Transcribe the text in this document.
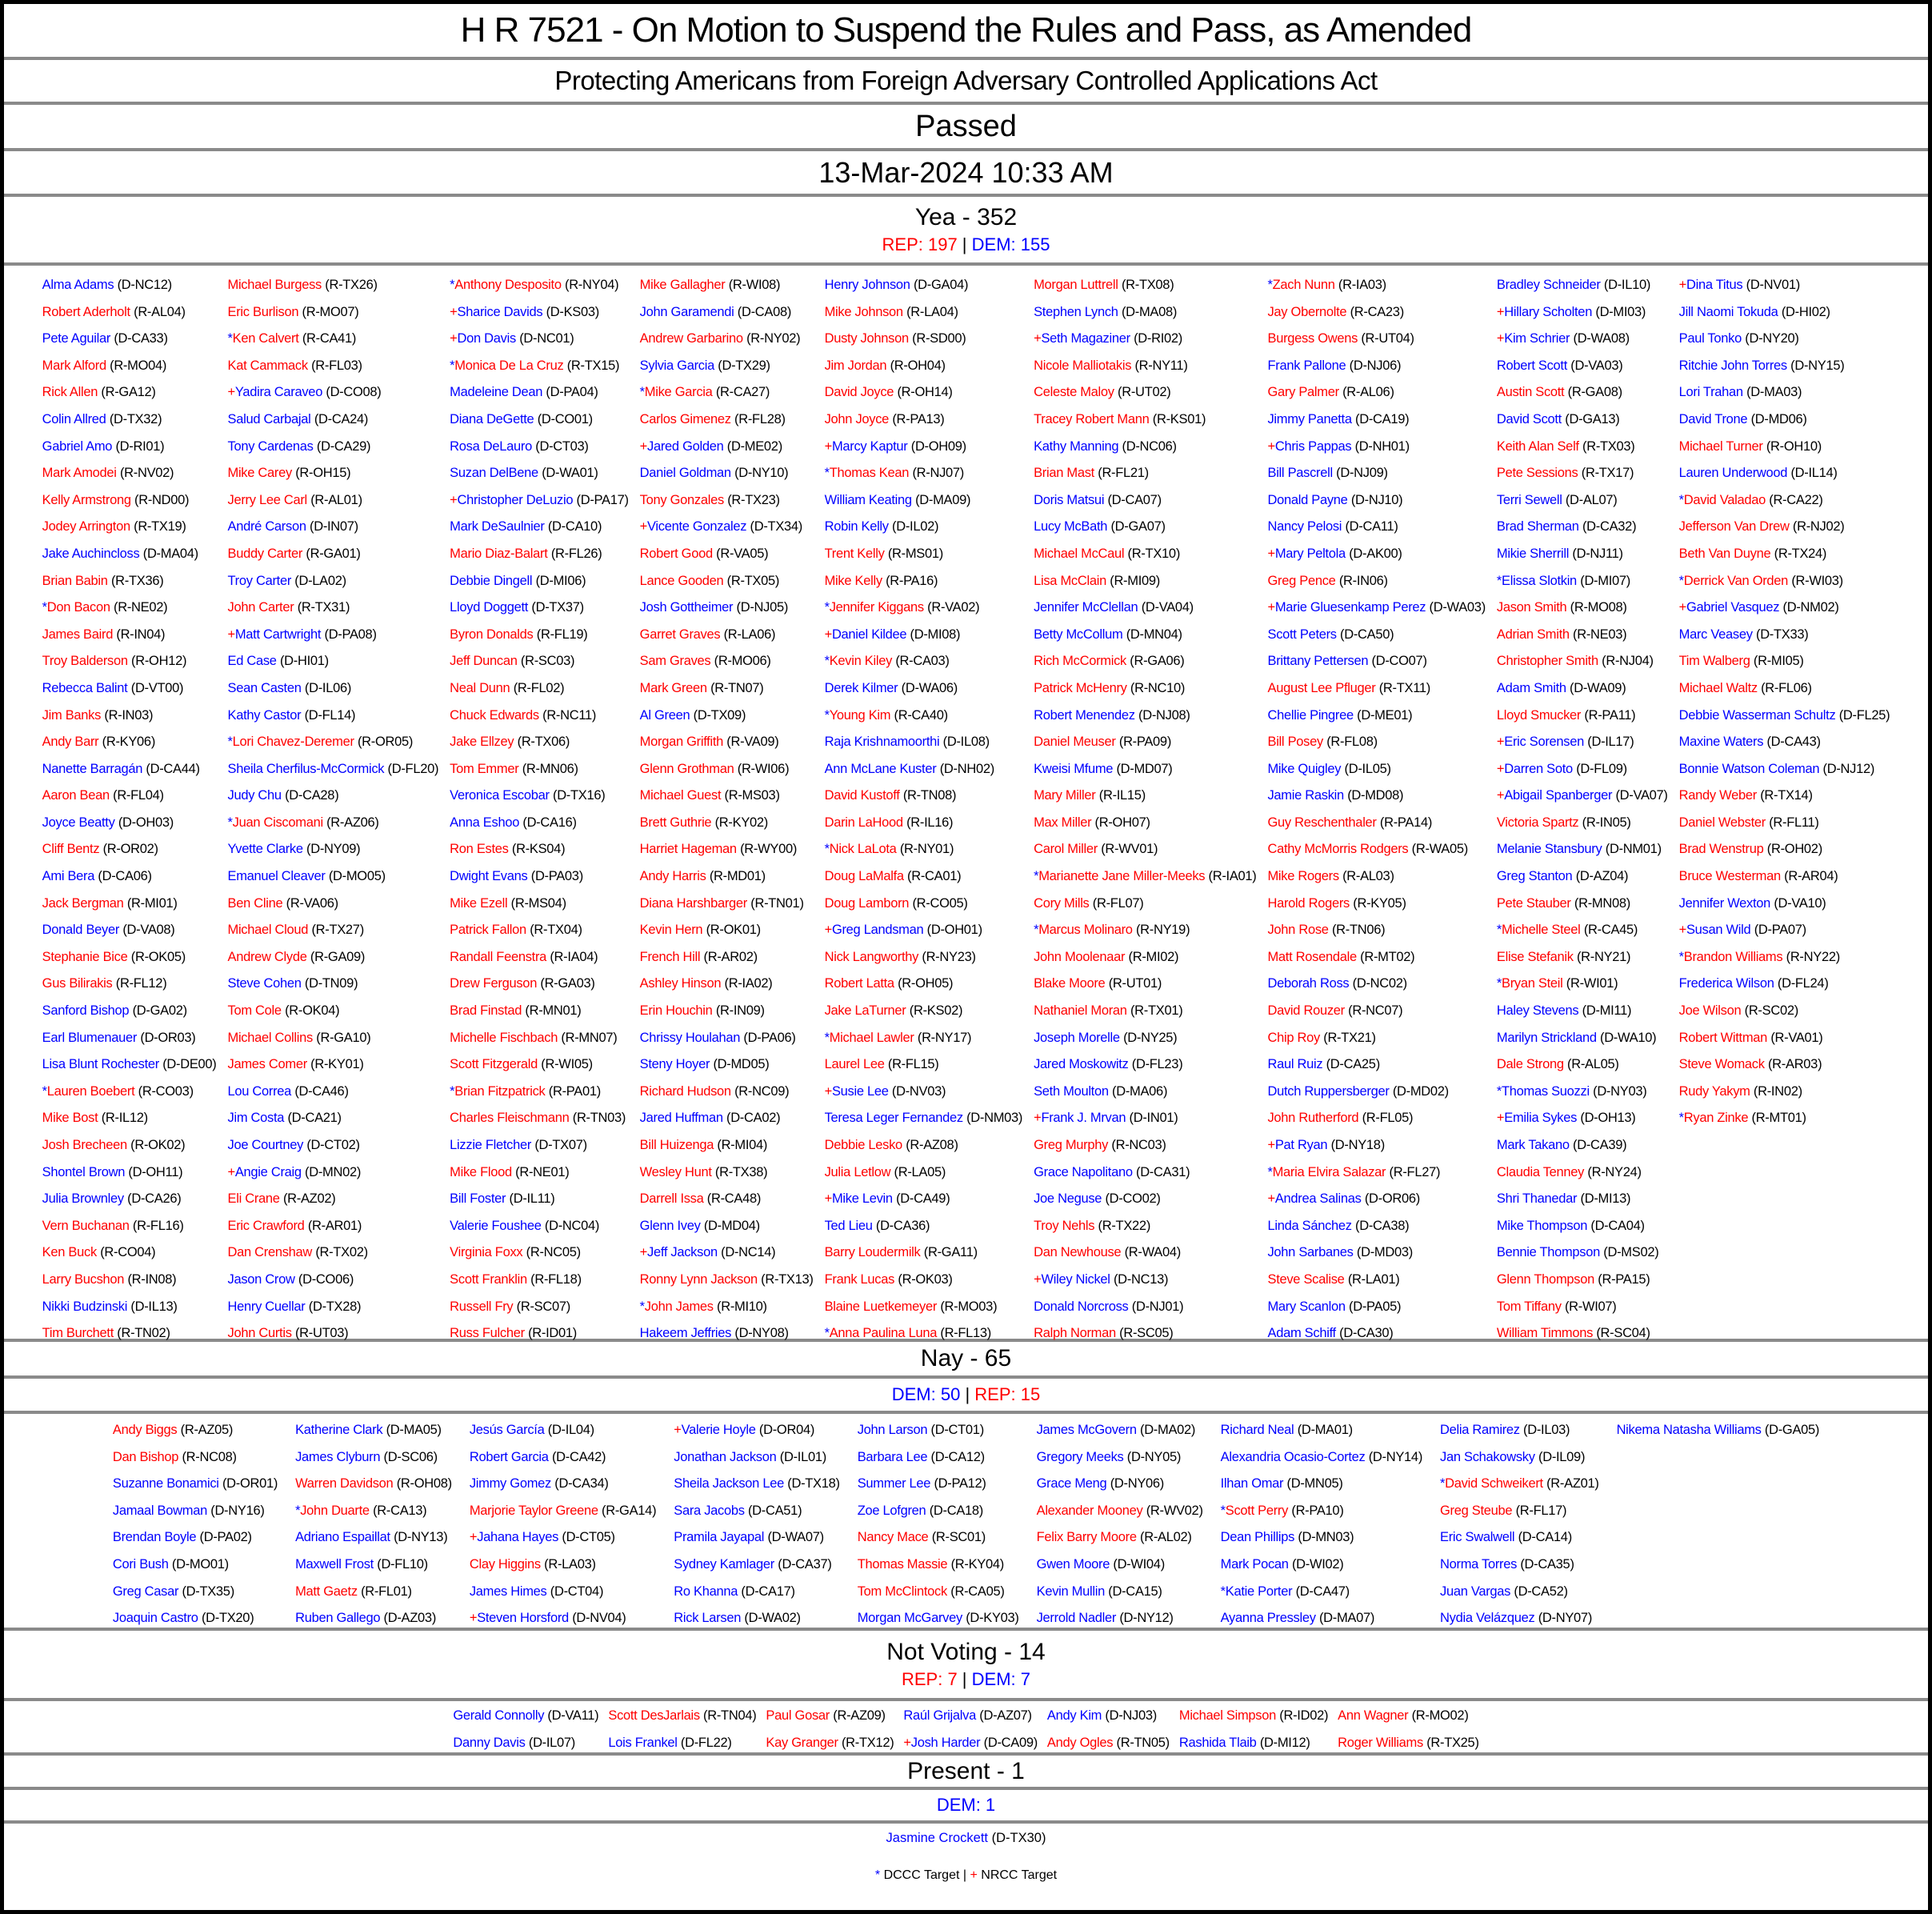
H R 7521 - On Motion to Suspend the Rules and Pass, as Amended
Protecting Americans from Foreign Adversary Controlled Applications Act
Passed
13-Mar-2024 10:33 AM
Yea - 352
REP: 197 | DEM: 155
Alma Adams (D-NC12)
Robert Aderholt (R-AL04)
Pete Aguilar (D-CA33)
Mark Alford (R-MO04)
Rick Allen (R-GA12)
Colin Allred (D-TX32)
Gabriel Amo (D-RI01)
Mark Amodei (R-NV02)
Kelly Armstrong (R-ND00)
Jodey Arrington (R-TX19)
Jake Auchincloss (D-MA04)
Brian Babin (R-TX36)
*Don Bacon (R-NE02)
James Baird (R-IN04)
Troy Balderson (R-OH12)
Rebecca Balint (D-VT00)
Jim Banks (R-IN03)
Andy Barr (R-KY06)
Nanette Barragán (D-CA44)
Aaron Bean (R-FL04)
Joyce Beatty (D-OH03)
Cliff Bentz (R-OR02)
Ami Bera (D-CA06)
Jack Bergman (R-MI01)
Donald Beyer (D-VA08)
Stephanie Bice (R-OK05)
Gus Bilirakis (R-FL12)
Sanford Bishop (D-GA02)
Earl Blumenauer (D-OR03)
Lisa Blunt Rochester (D-DE00)
*Lauren Boebert (R-CO03)
Mike Bost (R-IL12)
Josh Brecheen (R-OK02)
Shontel Brown (D-OH11)
Julia Brownley (D-CA26)
Vern Buchanan (R-FL16)
Ken Buck (R-CO04)
Larry Bucshon (R-IN08)
Nikki Budzinski (D-IL13)
Tim Burchett (R-TN02)
Michael Burgess (R-TX26)
Eric Burlison (R-MO07)
*Ken Calvert (R-CA41)
Kat Cammack (R-FL03)
+Yadira Caraveo (D-CO08)
Salud Carbajal (D-CA24)
Tony Cardenas (D-CA29)
Mike Carey (R-OH15)
Jerry Lee Carl (R-AL01)
André Carson (D-IN07)
Buddy Carter (R-GA01)
Troy Carter (D-LA02)
John Carter (R-TX31)
+Matt Cartwright (D-PA08)
Ed Case (D-HI01)
Sean Casten (D-IL06)
Kathy Castor (D-FL14)
*Lori Chavez-Deremer (R-OR05)
Sheila Cherfilus-McCormick (D-FL20)
Judy Chu (D-CA28)
*Juan Ciscomani (R-AZ06)
Yvette Clarke (D-NY09)
Emanuel Cleaver (D-MO05)
Ben Cline (R-VA06)
Michael Cloud (R-TX27)
Andrew Clyde (R-GA09)
Steve Cohen (D-TN09)
Tom Cole (R-OK04)
Michael Collins (R-GA10)
James Comer (R-KY01)
Lou Correa (D-CA46)
Jim Costa (D-CA21)
Joe Courtney (D-CT02)
+Angie Craig (D-MN02)
Eli Crane (R-AZ02)
Eric Crawford (R-AR01)
Dan Crenshaw (R-TX02)
Jason Crow (D-CO06)
Henry Cuellar (D-TX28)
John Curtis (R-UT03)
*Anthony Desposito (R-NY04)
+Sharice Davids (D-KS03)
+Don Davis (D-NC01)
*Monica De La Cruz (R-TX15)
Madeleine Dean (D-PA04)
Diana DeGette (D-CO01)
Rosa DeLauro (D-CT03)
Suzan DelBene (D-WA01)
+Christopher DeLuzio (D-PA17)
Mark DeSaulnier (D-CA10)
Mario Diaz-Balart (R-FL26)
Debbie Dingell (D-MI06)
Lloyd Doggett (D-TX37)
Byron Donalds (R-FL19)
Jeff Duncan (R-SC03)
Neal Dunn (R-FL02)
Chuck Edwards (R-NC11)
Jake Ellzey (R-TX06)
Tom Emmer (R-MN06)
Veronica Escobar (D-TX16)
Anna Eshoo (D-CA16)
Ron Estes (R-KS04)
Dwight Evans (D-PA03)
Mike Ezell (R-MS04)
Patrick Fallon (R-TX04)
Randall Feenstra (R-IA04)
Drew Ferguson (R-GA03)
Brad Finstad (R-MN01)
Michelle Fischbach (R-MN07)
Scott Fitzgerald (R-WI05)
*Brian Fitzpatrick (R-PA01)
Charles Fleischmann (R-TN03)
Lizzie Fletcher (D-TX07)
Mike Flood (R-NE01)
Bill Foster (D-IL11)
Valerie Foushee (D-NC04)
Virginia Foxx (R-NC05)
Scott Franklin (R-FL18)
Russell Fry (R-SC07)
Russ Fulcher (R-ID01)
Mike Gallagher (R-WI08)
John Garamendi (D-CA08)
Andrew Garbarino (R-NY02)
Sylvia Garcia (D-TX29)
*Mike Garcia (R-CA27)
Carlos Gimenez (R-FL28)
+Jared Golden (D-ME02)
Daniel Goldman (D-NY10)
Tony Gonzales (R-TX23)
+Vicente Gonzalez (D-TX34)
Robert Good (R-VA05)
Lance Gooden (R-TX05)
Josh Gottheimer (D-NJ05)
Garret Graves (R-LA06)
Sam Graves (R-MO06)
Mark Green (R-TN07)
Al Green (D-TX09)
Morgan Griffith (R-VA09)
Glenn Grothman (R-WI06)
Michael Guest (R-MS03)
Brett Guthrie (R-KY02)
Harriet Hageman (R-WY00)
Andy Harris (R-MD01)
Diana Harshbarger (R-TN01)
Kevin Hern (R-OK01)
French Hill (R-AR02)
Ashley Hinson (R-IA02)
Erin Houchin (R-IN09)
Chrissy Houlahan (D-PA06)
Steny Hoyer (D-MD05)
Richard Hudson (R-NC09)
Jared Huffman (D-CA02)
Bill Huizenga (R-MI04)
Wesley Hunt (R-TX38)
Darrell Issa (R-CA48)
Glenn Ivey (D-MD04)
+Jeff Jackson (D-NC14)
Ronny Lynn Jackson (R-TX13)
*John James (R-MI10)
Hakeem Jeffries (D-NY08)
Henry Johnson (D-GA04)
Mike Johnson (R-LA04)
Dusty Johnson (R-SD00)
Jim Jordan (R-OH04)
David Joyce (R-OH14)
John Joyce (R-PA13)
+Marcy Kaptur (D-OH09)
*Thomas Kean (R-NJ07)
William Keating (D-MA09)
Robin Kelly (D-IL02)
Trent Kelly (R-MS01)
Mike Kelly (R-PA16)
*Jennifer Kiggans (R-VA02)
+Daniel Kildee (D-MI08)
*Kevin Kiley (R-CA03)
Derek Kilmer (D-WA06)
*Young Kim (R-CA40)
Raja Krishnamoorthi (D-IL08)
Ann McLane Kuster (D-NH02)
David Kustoff (R-TN08)
Darin LaHood (R-IL16)
*Nick LaLota (R-NY01)
Doug LaMalfa (R-CA01)
Doug Lamborn (R-CO05)
+Greg Landsman (D-OH01)
Nick Langworthy (R-NY23)
Robert Latta (R-OH05)
Jake LaTurner (R-KS02)
*Michael Lawler (R-NY17)
Laurel Lee (R-FL15)
+Susie Lee (D-NV03)
Teresa Leger Fernandez (D-NM03)
Debbie Lesko (R-AZ08)
Julia Letlow (R-LA05)
+Mike Levin (D-CA49)
Ted Lieu (D-CA36)
Barry Loudermilk (R-GA11)
Frank Lucas (R-OK03)
Blaine Luetkemeyer (R-MO03)
*Anna Paulina Luna (R-FL13)
Morgan Luttrell (R-TX08)
Stephen Lynch (D-MA08)
+Seth Magaziner (D-RI02)
Nicole Malliotakis (R-NY11)
Celeste Maloy (R-UT02)
Tracey Robert Mann (R-KS01)
Kathy Manning (D-NC06)
Brian Mast (R-FL21)
Doris Matsui (D-CA07)
Lucy McBath (D-GA07)
Michael McCaul (R-TX10)
Lisa McClain (R-MI09)
Jennifer McClellan (D-VA04)
Betty McCollum (D-MN04)
Rich McCormick (R-GA06)
Patrick McHenry (R-NC10)
Robert Menendez (D-NJ08)
Daniel Meuser (R-PA09)
Kweisi Mfume (D-MD07)
Mary Miller (R-IL15)
Max Miller (R-OH07)
Carol Miller (R-WV01)
*Marianette Jane Miller-Meeks (R-IA01)
Cory Mills (R-FL07)
*Marcus Molinaro (R-NY19)
John Moolenaar (R-MI02)
Blake Moore (R-UT01)
Nathaniel Moran (R-TX01)
Joseph Morelle (D-NY25)
Jared Moskowitz (D-FL23)
Seth Moulton (D-MA06)
+Frank J. Mrvan (D-IN01)
Greg Murphy (R-NC03)
Grace Napolitano (D-CA31)
Joe Neguse (D-CO02)
Troy Nehls (R-TX22)
Dan Newhouse (R-WA04)
+Wiley Nickel (D-NC13)
Donald Norcross (D-NJ01)
Ralph Norman (R-SC05)
*Zach Nunn (R-IA03)
Jay Obernolte (R-CA23)
Burgess Owens (R-UT04)
Frank Pallone (D-NJ06)
Gary Palmer (R-AL06)
Jimmy Panetta (D-CA19)
+Chris Pappas (D-NH01)
Bill Pascrell (D-NJ09)
Donald Payne (D-NJ10)
Nancy Pelosi (D-CA11)
+Mary Peltola (D-AK00)
Greg Pence (R-IN06)
+Marie Gluesenkamp Perez (D-WA03)
Scott Peters (D-CA50)
Brittany Pettersen (D-CO07)
August Lee Pfluger (R-TX11)
Chellie Pingree (D-ME01)
Bill Posey (R-FL08)
Mike Quigley (D-IL05)
Jamie Raskin (D-MD08)
Guy Reschenthaler (R-PA14)
Cathy McMorris Rodgers (R-WA05)
Mike Rogers (R-AL03)
Harold Rogers (R-KY05)
John Rose (R-TN06)
Matt Rosendale (R-MT02)
Deborah Ross (D-NC02)
David Rouzer (R-NC07)
Chip Roy (R-TX21)
Raul Ruiz (D-CA25)
Dutch Ruppersberger (D-MD02)
John Rutherford (R-FL05)
+Pat Ryan (D-NY18)
*Maria Elvira Salazar (R-FL27)
+Andrea Salinas (D-OR06)
Linda Sánchez (D-CA38)
John Sarbanes (D-MD03)
Steve Scalise (R-LA01)
Mary Scanlon (D-PA05)
Adam Schiff (D-CA30)
Bradley Schneider (D-IL10)
+Hillary Scholten (D-MI03)
+Kim Schrier (D-WA08)
Robert Scott (D-VA03)
Austin Scott (R-GA08)
David Scott (D-GA13)
Keith Alan Self (R-TX03)
Pete Sessions (R-TX17)
Terri Sewell (D-AL07)
Brad Sherman (D-CA32)
Mikie Sherrill (D-NJ11)
*Elissa Slotkin (D-MI07)
Jason Smith (R-MO08)
Adrian Smith (R-NE03)
Christopher Smith (R-NJ04)
Adam Smith (D-WA09)
Lloyd Smucker (R-PA11)
+Eric Sorensen (D-IL17)
+Darren Soto (D-FL09)
+Abigail Spanberger (D-VA07)
Victoria Spartz (R-IN05)
Melanie Stansbury (D-NM01)
Greg Stanton (D-AZ04)
Pete Stauber (R-MN08)
*Michelle Steel (R-CA45)
Elise Stefanik (R-NY21)
*Bryan Steil (R-WI01)
Haley Stevens (D-MI11)
Marilyn Strickland (D-WA10)
Dale Strong (R-AL05)
*Thomas Suozzi (D-NY03)
+Emilia Sykes (D-OH13)
Mark Takano (D-CA39)
Claudia Tenney (R-NY24)
Shri Thanedar (D-MI13)
Mike Thompson (D-CA04)
Bennie Thompson (D-MS02)
Glenn Thompson (R-PA15)
Tom Tiffany (R-WI07)
William Timmons (R-SC04)
+Dina Titus (D-NV01)
Jill Naomi Tokuda (D-HI02)
Paul Tonko (D-NY20)
Ritchie John Torres (D-NY15)
Lori Trahan (D-MA03)
David Trone (D-MD06)
Michael Turner (R-OH10)
Lauren Underwood (D-IL14)
*David Valadao (R-CA22)
Jefferson Van Drew (R-NJ02)
Beth Van Duyne (R-TX24)
*Derrick Van Orden (R-WI03)
+Gabriel Vasquez (D-NM02)
Marc Veasey (D-TX33)
Tim Walberg (R-MI05)
Michael Waltz (R-FL06)
Debbie Wasserman Schultz (D-FL25)
Maxine Waters (D-CA43)
Bonnie Watson Coleman (D-NJ12)
Randy Weber (R-TX14)
Daniel Webster (R-FL11)
Brad Wenstrup (R-OH02)
Bruce Westerman (R-AR04)
Jennifer Wexton (D-VA10)
+Susan Wild (D-PA07)
*Brandon Williams (R-NY22)
Frederica Wilson (D-FL24)
Joe Wilson (R-SC02)
Robert Wittman (R-VA01)
Steve Womack (R-AR03)
Rudy Yakym (R-IN02)
*Ryan Zinke (R-MT01)
Nay - 65
DEM: 50 | REP: 15
Andy Biggs (R-AZ05)
Dan Bishop (R-NC08)
Suzanne Bonamici (D-OR01)
Jamaal Bowman (D-NY16)
Brendan Boyle (D-PA02)
Cori Bush (D-MO01)
Greg Casar (D-TX35)
Joaquin Castro (D-TX20)
Katherine Clark (D-MA05)
James Clyburn (D-SC06)
Warren Davidson (R-OH08)
*John Duarte (R-CA13)
Adriano Espaillat (D-NY13)
Maxwell Frost (D-FL10)
Matt Gaetz (R-FL01)
Ruben Gallego (D-AZ03)
Jesús García (D-IL04)
Robert Garcia (D-CA42)
Jimmy Gomez (D-CA34)
Marjorie Taylor Greene (R-GA14)
+Jahana Hayes (D-CT05)
Clay Higgins (R-LA03)
James Himes (D-CT04)
+Steven Horsford (D-NV04)
+Valerie Hoyle (D-OR04)
Jonathan Jackson (D-IL01)
Sheila Jackson Lee (D-TX18)
Sara Jacobs (D-CA51)
Pramila Jayapal (D-WA07)
Sydney Kamlager (D-CA37)
Ro Khanna (D-CA17)
Rick Larsen (D-WA02)
John Larson (D-CT01)
Barbara Lee (D-CA12)
Summer Lee (D-PA12)
Zoe Lofgren (D-CA18)
Nancy Mace (R-SC01)
Thomas Massie (R-KY04)
Tom McClintock (R-CA05)
Morgan McGarvey (D-KY03)
James McGovern (D-MA02)
Gregory Meeks (D-NY05)
Grace Meng (D-NY06)
Alexander Mooney (R-WV02)
Felix Barry Moore (R-AL02)
Gwen Moore (D-WI04)
Kevin Mullin (D-CA15)
Jerrold Nadler (D-NY12)
Richard Neal (D-MA01)
Alexandria Ocasio-Cortez (D-NY14)
Ilhan Omar (D-MN05)
*Scott Perry (R-PA10)
Dean Phillips (D-MN03)
Mark Pocan (D-WI02)
*Katie Porter (D-CA47)
Ayanna Pressley (D-MA07)
Delia Ramirez (D-IL03)
Jan Schakowsky (D-IL09)
*David Schweikert (R-AZ01)
Greg Steube (R-FL17)
Eric Swalwell (D-CA14)
Norma Torres (D-CA35)
Juan Vargas (D-CA52)
Nydia Velázquez (D-NY07)
Nikema Natasha Williams (D-GA05)
Not Voting - 14
REP: 7 | DEM: 7
Gerald Connolly (D-VA11)
Danny Davis (D-IL07)
Scott DesJarlais (R-TN04)
Lois Frankel (D-FL22)
Paul Gosar (R-AZ09)
Kay Granger (R-TX12)
Raúl Grijalva (D-AZ07)
+Josh Harder (D-CA09)
Andy Kim (D-NJ03)
Andy Ogles (R-TN05)
Michael Simpson (R-ID02)
Rashida Tlaib (D-MI12)
Ann Wagner (R-MO02)
Roger Williams (R-TX25)
Present - 1
DEM: 1
Jasmine Crockett (D-TX30)
* DCCC Target | + NRCC Target
